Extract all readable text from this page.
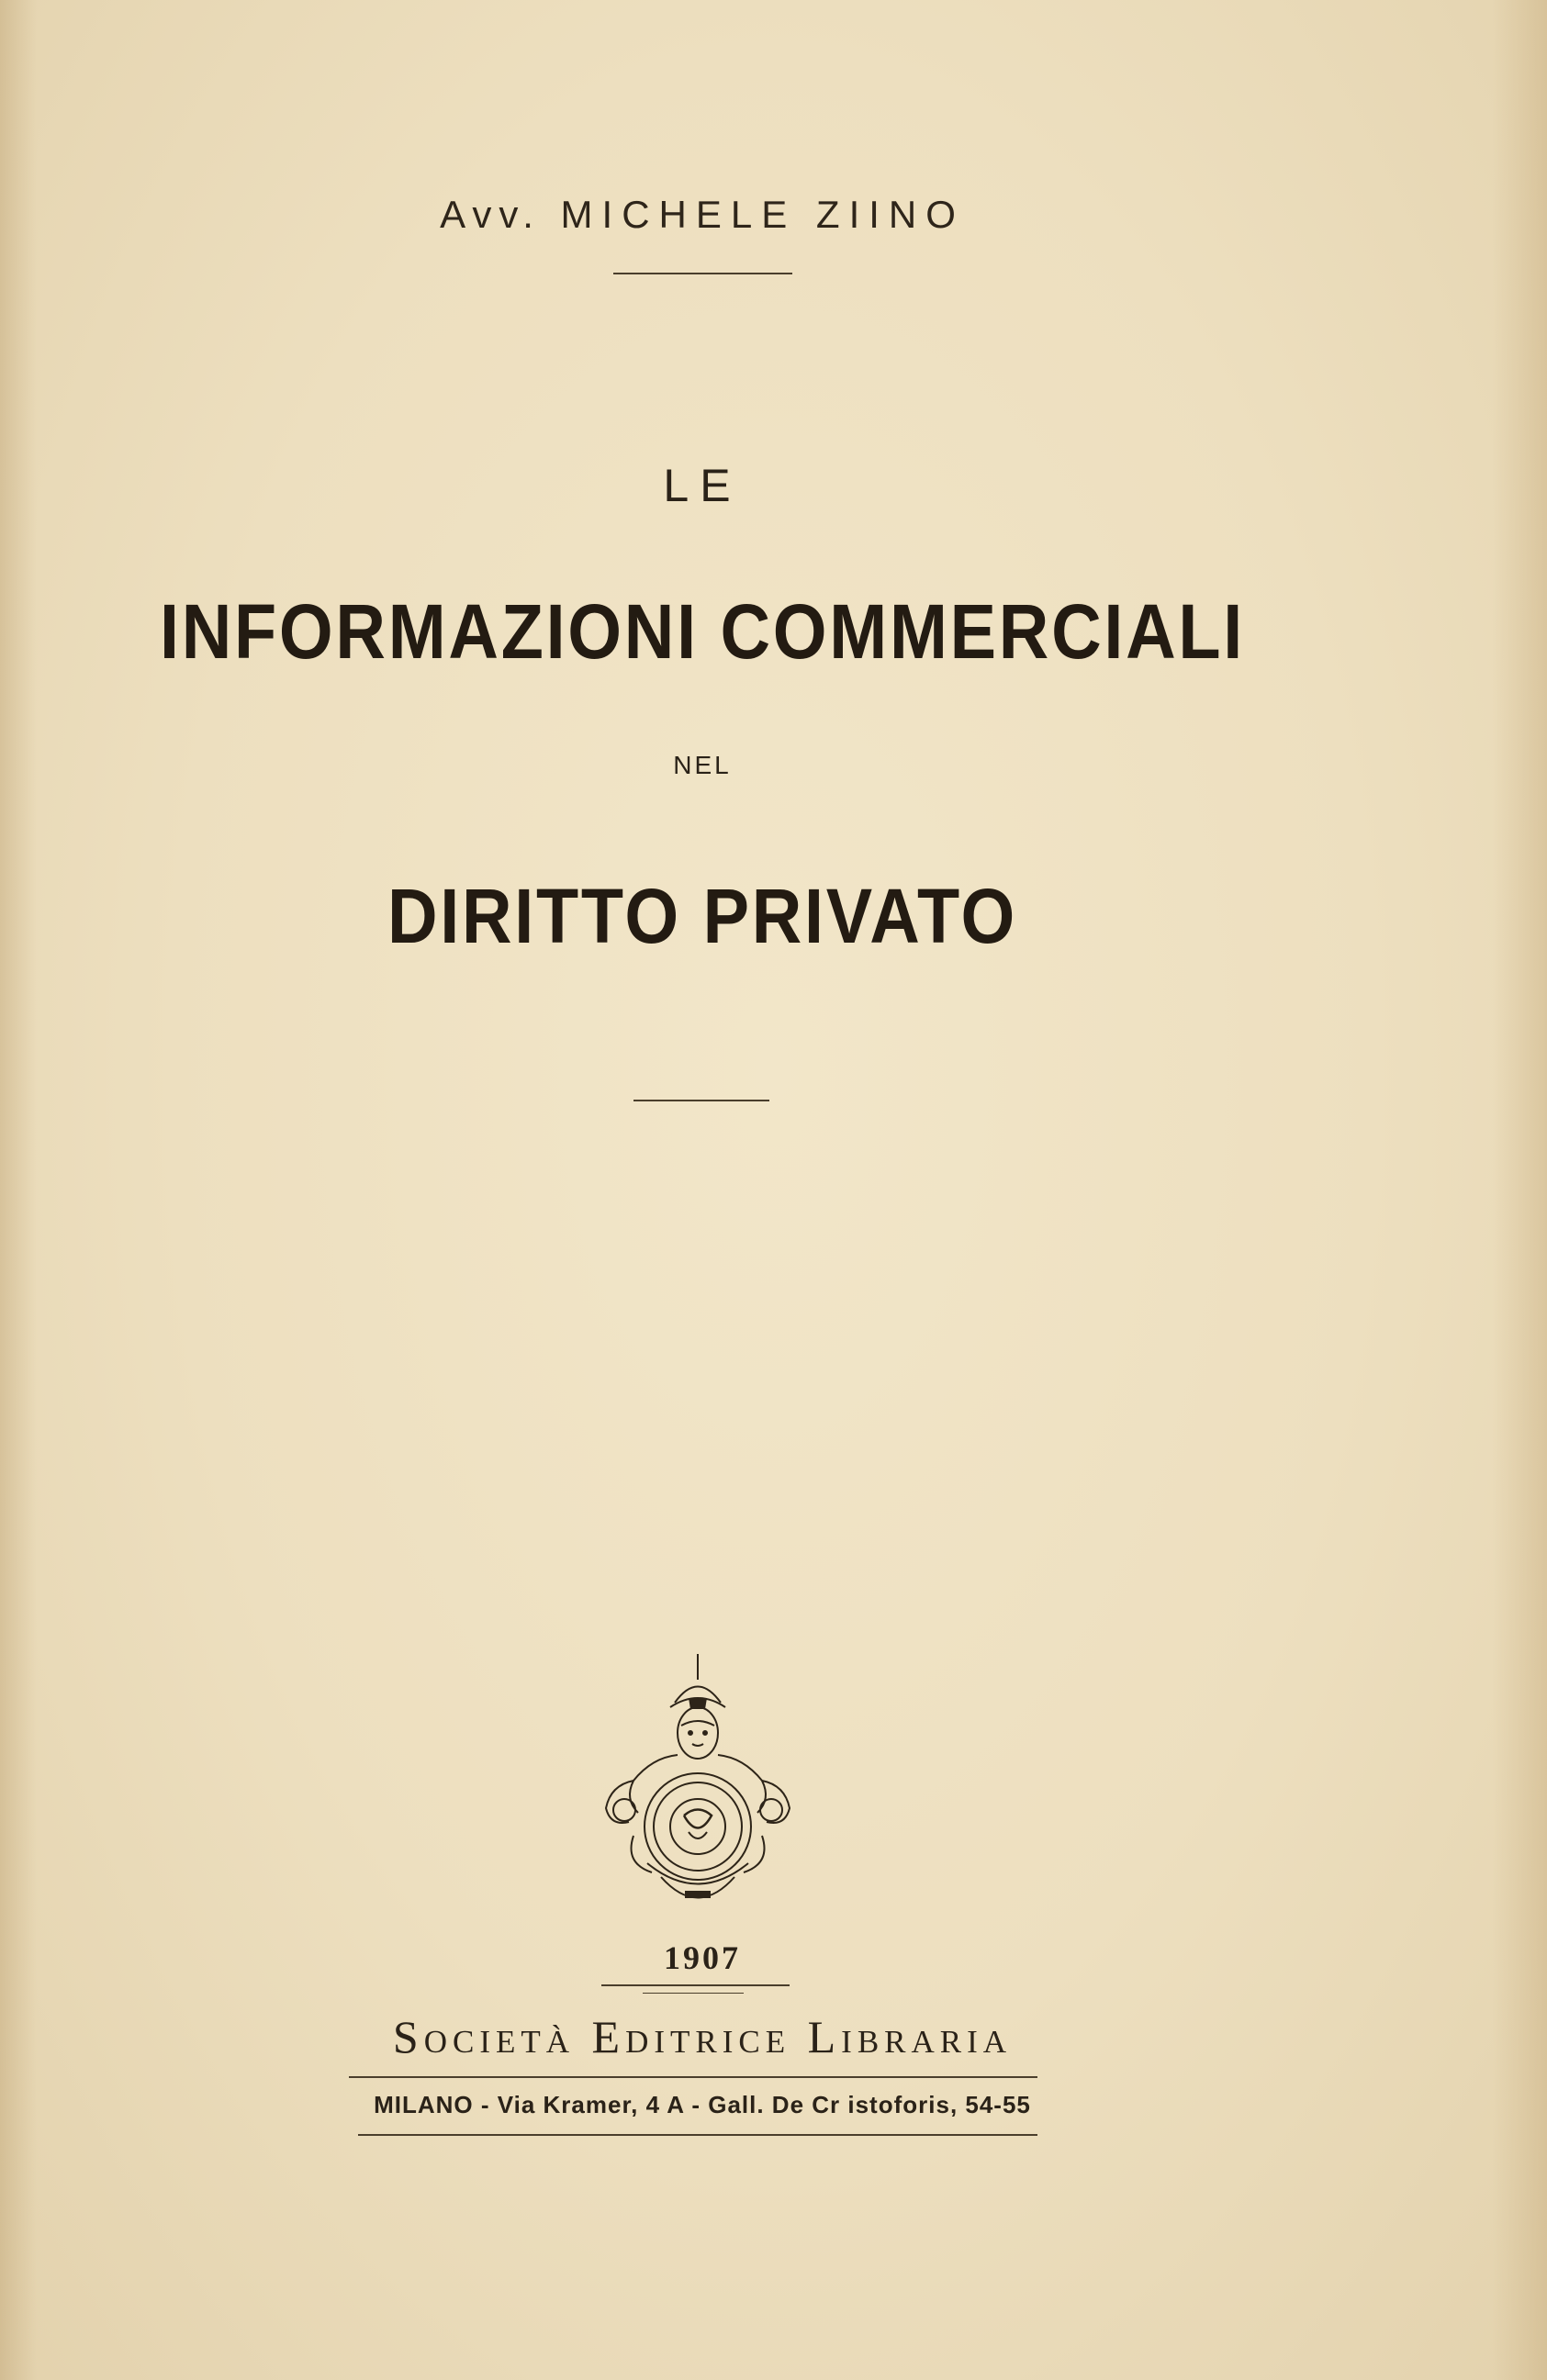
Avv. MICHELE ZIINO
LE
INFORMAZIONI COMMERCIALI
NEL
DIRITTO PRIVATO
1907
Società Editrice Libraria
MILANO - Via Kramer, 4 A - Gall. De Cr istoforis, 54-55
